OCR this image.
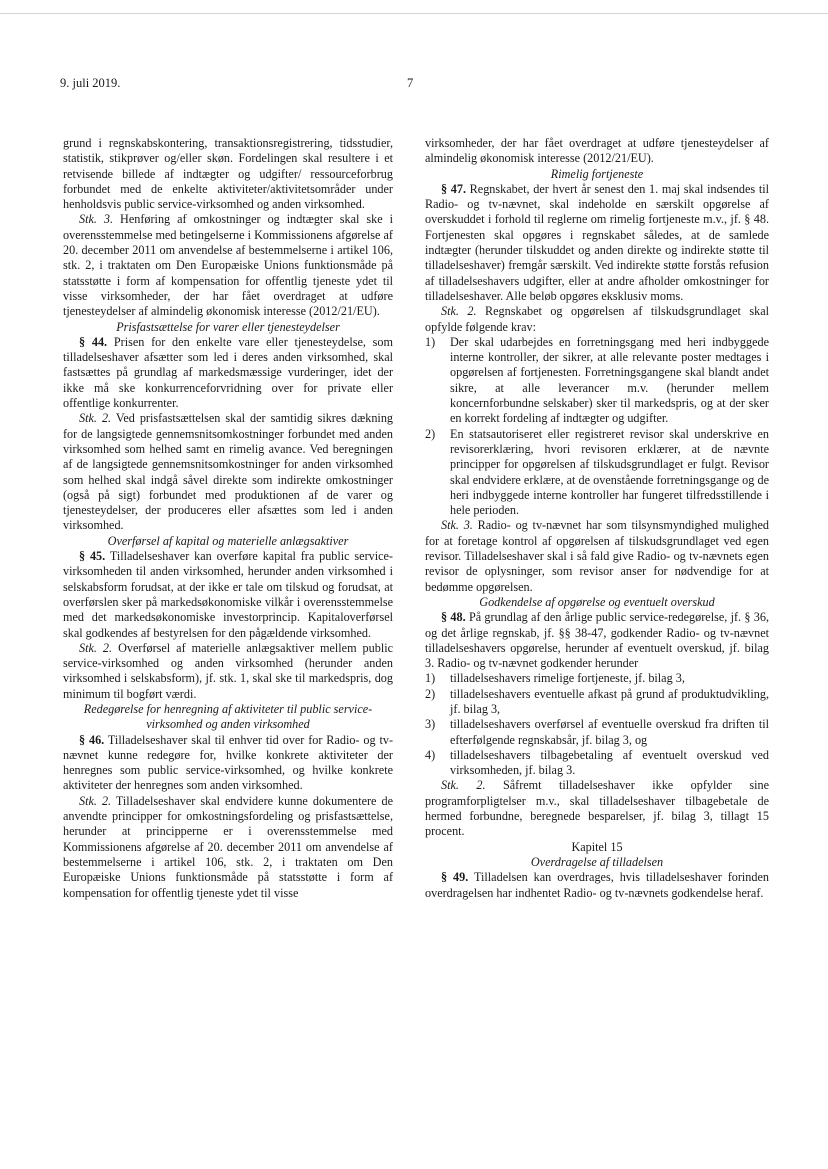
9. juli 2019.	7

grund i regnskabskontering, transaktionsregistrering, tidsstudier, statistik, stikprøver og/eller skøn. Fordelingen skal resultere i et retvisende billede af indtægter og udgifter/ ressourceforbrug forbundet med de enkelte aktiviteter/aktivitetsområder under henholdsvis public service-virksomhed og anden virksomhed.

Stk. 3. Henføring af omkostninger og indtægter skal ske i overensstemmelse med betingelserne i Kommissionens afgørelse af 20. december 2011 om anvendelse af bestemmelserne i artikel 106, stk. 2, i traktaten om Den Europæiske Unions funktionsmåde på statsstøtte i form af kompensation for offentlig tjeneste ydet til visse virksomheder, der har fået overdraget at udføre tjenesteydelser af almindelig økonomisk interesse (2012/21/EU).

Prisfastsættelse for varer eller tjenesteydelser

§ 44. Prisen for den enkelte vare eller tjenesteydelse, som tilladelseshaver afsætter som led i deres anden virksomhed, skal fastsættes på grundlag af markedsmæssige vurderinger, idet der ikke må ske konkurrenceforvridning over for private eller offentlige konkurrenter.

Stk. 2. Ved prisfastsættelsen skal der samtidig sikres dækning for de langsigtede gennemsnitsomkostninger forbundet med anden virksomhed som helhed samt en rimelig avance. Ved beregningen af de langsigtede gennemsnitsomkostninger for anden virksomhed som helhed skal indgå såvel direkte som indirekte omkostninger (også på sigt) forbundet med produktionen af de varer og tjenesteydelser, der produceres eller afsættes som led i anden virksomhed.

Overførsel af kapital og materielle anlægsaktiver

§ 45. Tilladelseshaver kan overføre kapital fra public service-virksomheden til anden virksomhed, herunder anden virksomhed i selskabsform forudsat, at der ikke er tale om tilskud og forudsat, at overførslen sker på markedsøkonomiske vilkår i overensstemmelse med det markedsøkonomiske investorprincip. Kapitaloverførsel skal godkendes af bestyrelsen for den pågældende virksomhed.

Stk. 2. Overførsel af materielle anlægsaktiver mellem public service-virksomhed og anden virksomhed (herunder anden virksomhed i selskabsform), jf. stk. 1, skal ske til markedspris, dog minimum til bogført værdi.

Redegørelse for henregning af aktiviteter til public service-
virksomhed og anden virksomhed

§ 46. Tilladelseshaver skal til enhver tid over for Radio- og tv-nævnet kunne redegøre for, hvilke konkrete aktiviteter der henregnes som public service-virksomhed, og hvilke konkrete aktiviteter der henregnes som anden virksomhed.

Stk. 2. Tilladelseshaver skal endvidere kunne dokumentere de anvendte principper for omkostningsfordeling og prisfastsættelse, herunder at principperne er i overensstemmelse med Kommissionens afgørelse af 20. december 2011 om anvendelse af bestemmelserne i artikel 106, stk. 2, i traktaten om Den Europæiske Unions funktionsmåde på statsstøtte i form af kompensation for offentlig tjeneste ydet til visse

virksomheder, der har fået overdraget at udføre tjenesteydelser af almindelig økonomisk interesse (2012/21/EU).

Rimelig fortjeneste

§ 47. Regnskabet, der hvert år senest den 1. maj skal indsendes til Radio- og tv-nævnet, skal indeholde en særskilt opgørelse af overskuddet i forhold til reglerne om rimelig fortjeneste m.v., jf. § 48. Fortjenesten skal opgøres i regnskabet således, at de samlede indtægter (herunder tilskuddet og anden direkte og indirekte støtte til tilladelseshaver) fremgår særskilt. Ved indirekte støtte forstås refusion af tilladelseshavers udgifter, eller at andre afholder omkostninger for tilladelseshaver. Alle beløb opgøres eksklusiv moms.

Stk. 2. Regnskabet og opgørelsen af tilskudsgrundlaget skal opfylde følgende krav:

1)	Der skal udarbejdes en forretningsgang med heri indbyggede interne kontroller, der sikrer, at alle relevante poster medtages i opgørelsen af fortjenesten. Forretningsgangene skal blandt andet sikre, at alle leverancer m.v. (herunder mellem koncernforbundne selskaber) sker til markedspris, og at der sker en korrekt fordeling af indtægter og udgifter.
2)	En statsautoriseret eller registreret revisor skal underskrive en revisorerklæring, hvori revisoren erklærer, at de nævnte principper for opgørelsen af tilskudsgrundlaget er fulgt. Revisor skal endvidere erklære, at de ovenstående forretningsgange og de heri indbyggede interne kontroller har fungeret tilfredsstillende i hele perioden.

Stk. 3. Radio- og tv-nævnet har som tilsynsmyndighed mulighed for at foretage kontrol af opgørelsen af tilskudsgrundlaget ved egen revisor. Tilladelseshaver skal i så fald give Radio- og tv-nævnets egen revisor de oplysninger, som revisor anser for nødvendige for at bedømme opgørelsen.

Godkendelse af opgørelse og eventuelt overskud

§ 48. På grundlag af den årlige public service-redegørelse, jf. § 36, og det årlige regnskab, jf. §§ 38-47, godkender Radio- og tv-nævnet tilladelseshavers opgørelse, herunder af eventuelt overskud, jf. bilag 3. Radio- og tv-nævnet godkender herunder

1)	tilladelseshavers rimelige fortjeneste, jf. bilag 3,
2)	tilladelseshavers eventuelle afkast på grund af produktudvikling, jf. bilag 3,
3)	tilladelseshavers overførsel af eventuelle overskud fra driften til efterfølgende regnskabsår, jf. bilag 3, og
4)	tilladelseshavers tilbagebetaling af eventuelt overskud ved virksomheden, jf. bilag 3.

Stk. 2. Såfremt tilladelseshaver ikke opfylder sine programforpligtelser m.v., skal tilladelseshaver tilbagebetale de hermed forbundne, beregnede besparelser, jf. bilag 3, tillagt 15 procent.

Kapitel 15

Overdragelse af tilladelsen

§ 49. Tilladelsen kan overdrages, hvis tilladelseshaver forinden overdragelsen har indhentet Radio- og tv-nævnets godkendelse heraf.
